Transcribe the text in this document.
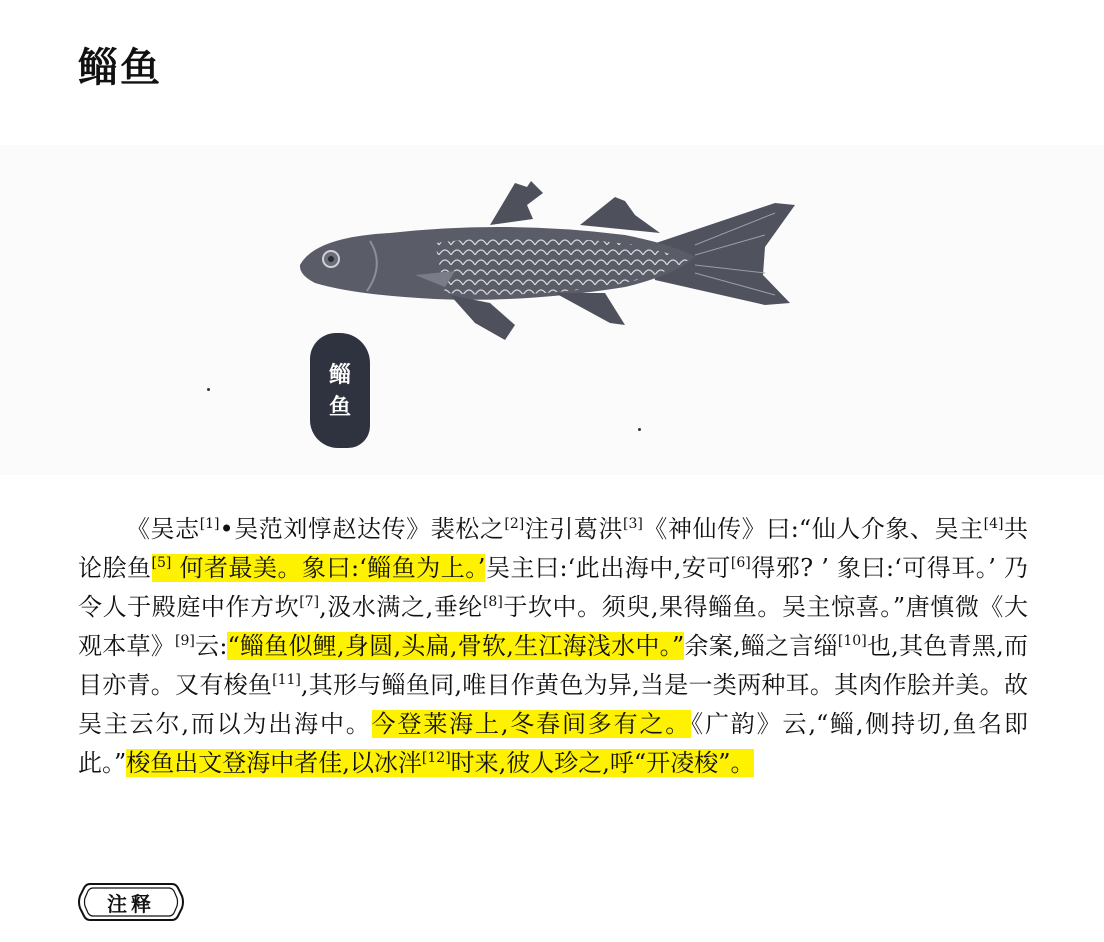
鲻鱼
鲻
鱼

《吴志[1]•吴范刘惇赵达传》裴松之[2]注引葛洪[3]《神仙传》曰:“仙人介象、吴主[4]共论脍鱼[5] 何者最美。象曰:‘鲻鱼为上。’吴主曰:‘此出海中,安可[6]得邪? ’ 象曰:‘可得耳。’ 乃令人于殿庭中作方坎[7],汲水满之,垂纶[8]于坎中。须臾,果得鲻鱼。吴主惊喜。”唐慎微《大观本草》[9]云:“鲻鱼似鲤,身圆,头扁,骨软,生江海浅水中。”余案,鲻之言缁[10]也,其色青黑,而目亦青。又有梭鱼[11],其形与鲻鱼同,唯目作黄色为异,当是一类两种耳。其肉作脍并美。故吴主云尔,而以为出海中。今登莱海上,冬春间多有之。《广韵》云,“鲻,侧持切,鱼名即此。”梭鱼出文登海中者佳,以冰泮[12]时来,彼人珍之,呼“开凌梭”。

注释
